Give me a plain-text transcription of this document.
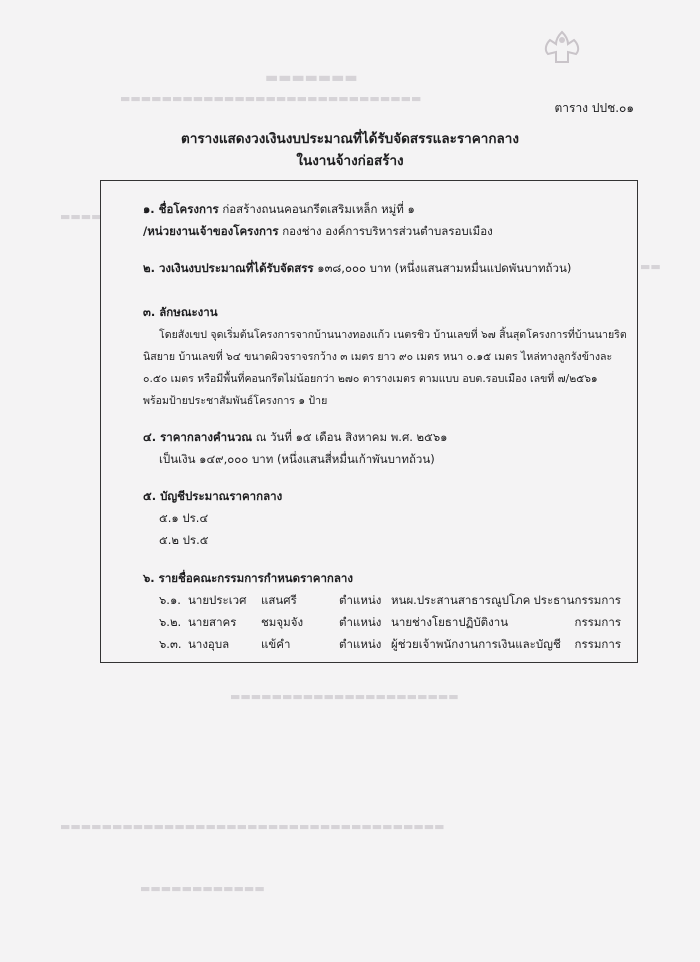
▬▬▬▬▬▬▬
▬▬▬▬▬▬▬▬▬▬▬▬▬▬▬▬▬▬▬▬▬▬▬▬▬▬▬▬▬
▬▬▬▬
▬▬
▬▬▬▬▬▬▬▬▬▬▬▬▬▬▬▬▬▬▬▬▬▬
▬▬▬▬▬▬▬▬▬▬▬▬▬▬▬▬▬▬▬▬▬▬▬▬▬▬▬▬▬▬▬▬▬▬▬▬▬
▬▬▬▬▬▬▬▬▬▬▬▬
ตาราง ปปช.๐๑
ตารางแสดงวงเงินงบประมาณที่ได้รับจัดสรรและราคากลาง
ในงานจ้างก่อสร้าง
๑. ชื่อโครงการ ก่อสร้างถนนคอนกรีตเสริมเหล็ก หมู่ที่ ๑
/หน่วยงานเจ้าของโครงการ กองช่าง องค์การบริหารส่วนตำบลรอบเมือง
๒. วงเงินงบประมาณที่ได้รับจัดสรร ๑๓๘,๐๐๐ บาท (หนึ่งแสนสามหมื่นแปดพันบาทถ้วน)
๓. ลักษณะงาน
โดยสังเขป จุดเริ่มต้นโครงการจากบ้านนางทองแก้ว เนตรชิว บ้านเลขที่ ๖๗ สิ้นสุดโครงการที่บ้านนายริต
นิสยาย บ้านเลขที่ ๖๔ ขนาดผิวจราจรกว้าง ๓ เมตร ยาว ๙๐ เมตร หนา ๐.๑๕ เมตร ไหล่ทางลูกรังข้างละ
๐.๕๐ เมตร หรือมีพื้นที่คอนกรีตไม่น้อยกว่า ๒๗๐ ตารางเมตร ตามแบบ อบต.รอบเมือง เลขที่ ๗/๒๕๖๑
พร้อมป้ายประชาสัมพันธ์โครงการ ๑ ป้าย
๔. ราคากลางคำนวณ ณ วันที่ ๑๕ เดือน สิงหาคม พ.ศ. ๒๕๖๑
เป็นเงิน ๑๔๙,๐๐๐ บาท (หนึ่งแสนสี่หมื่นเก้าพันบาทถ้วน)
๕. บัญชีประมาณราคากลาง
๕.๑ ปร.๔
๕.๒ ปร.๕
๖. รายชื่อคณะกรรมการกำหนดราคากลาง
๖.๑. นายประเวศ แสนศรี	ตำแหน่ง หนผ.ประสานสาธารณูปโภค ประธานกรรมการ
๖.๒. นายสาคร ชมจุมจัง	ตำแหน่ง นายช่างโยธาปฏิบัติงาน	กรรมการ
๖.๓. นางอุบล	แข้คำ	ตำแหน่ง ผู้ช่วยเจ้าพนักงานการเงินและบัญชี กรรมการ
